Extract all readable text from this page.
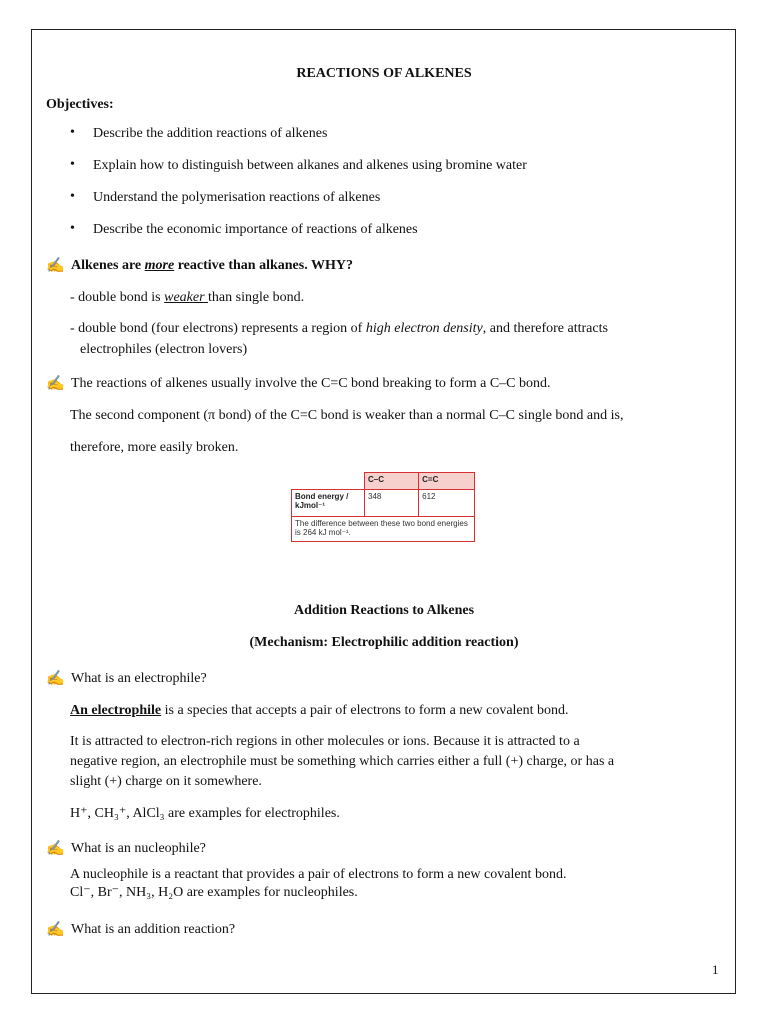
REACTIONS OF ALKENES
Objectives:
• Describe the addition reactions of alkenes
• Explain how to distinguish between alkanes and alkenes using bromine water
• Understand the polymerisation reactions of alkenes
• Describe the economic importance of reactions of alkenes
✍ Alkenes are more reactive than alkanes. WHY?
- double bond is weaker than single bond.
- double bond (four electrons) represents a region of high electron density, and therefore attracts
electrophiles (electron lovers)
✍ The reactions of alkenes usually involve the C=C bond breaking to form a C–C bond.
The second component (π bond) of the C=C bond is weaker than a normal C–C single bond and is,
therefore, more easily broken.
	C–C	C=C
Bond energy / kJmol⁻¹	348	612
The difference between these two bond energies is 264 kJ mol⁻¹.		
Addition Reactions to Alkenes
(Mechanism: Electrophilic addition reaction)
✍ What is an electrophile?
An electrophile is a species that accepts a pair of electrons to form a new covalent bond.
It is attracted to electron-rich regions in other molecules or ions. Because it is attracted to a
negative region, an electrophile must be something which carries either a full (+) charge, or has a
slight (+) charge on it somewhere.
H⁺, CH₃⁺, AlCl₃ are examples for electrophiles.
✍ What is an nucleophile?
A nucleophile is a reactant that provides a pair of electrons to form a new covalent bond.
Cl⁻, Br⁻, NH₃, H₂O are examples for nucleophiles.
✍ What is an addition reaction?
1
